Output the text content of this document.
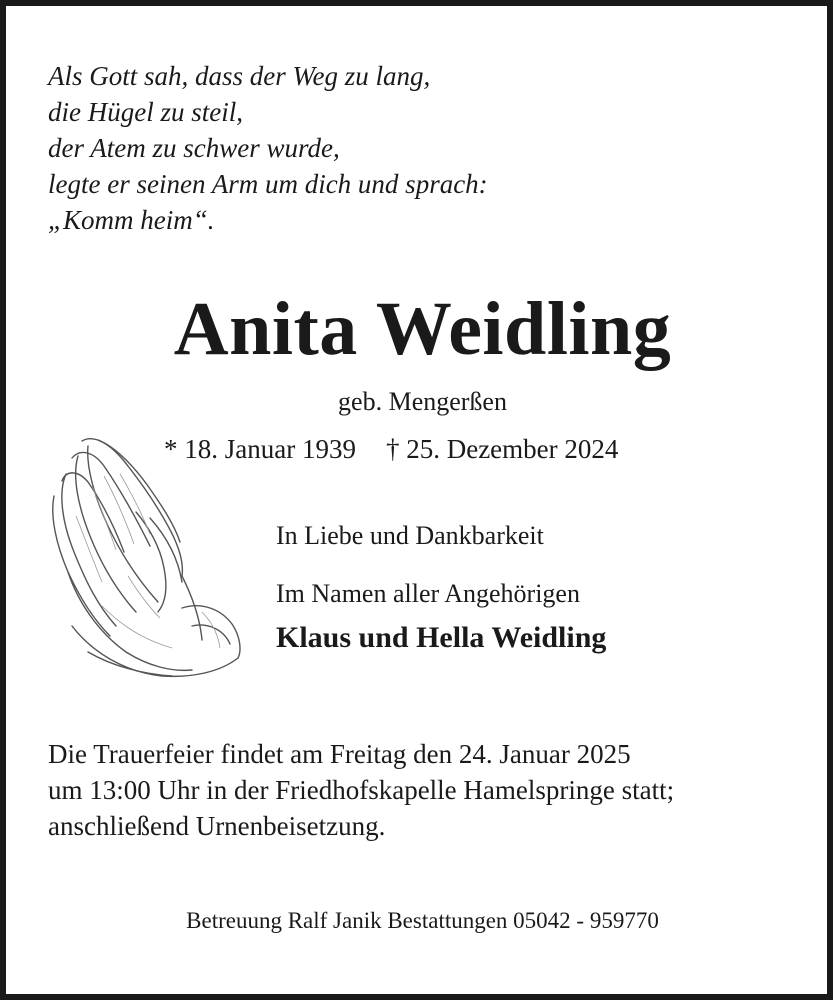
Als Gott sah, dass der Weg zu lang,
die Hügel zu steil,
der Atem zu schwer wurde,
legte er seinen Arm um dich und sprach:
„Komm heim“.
Anita Weidling
geb. Mengerßen
* 18. Januar 1939 † 25. Dezember 2024
In Liebe und Dankbarkeit
Im Namen aller Angehörigen
Klaus und Hella Weidling
Die Trauerfeier findet am Freitag den 24. Januar 2025
um 13:00 Uhr in der Friedhofskapelle Hamelspringe statt;
anschließend Urnenbeisetzung.
Betreuung Ralf Janik Bestattungen 05042 - 959770
